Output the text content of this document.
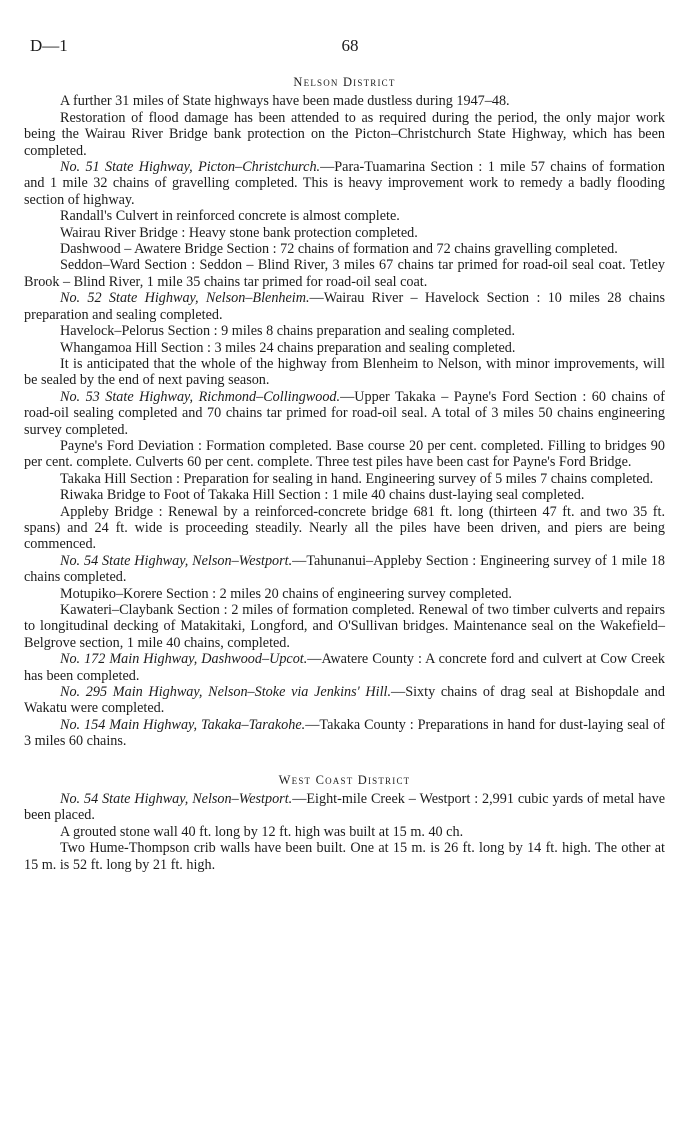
D—1	68
Nelson District

A further 31 miles of State highways have been made dustless during 1947–48.

Restoration of flood damage has been attended to as required during the period, the only major work being the Wairau River Bridge bank protection on the Picton–Christchurch State Highway, which has been completed.

No. 51 State Highway, Picton–Christchurch.—Para-Tuamarina Section : 1 mile 57 chains of formation and 1 mile 32 chains of gravelling completed. This is heavy improvement work to remedy a badly flooding section of highway.

Randall's Culvert in reinforced concrete is almost complete.

Wairau River Bridge : Heavy stone bank protection completed.

Dashwood – Awatere Bridge Section : 72 chains of formation and 72 chains gravelling completed.

Seddon–Ward Section : Seddon – Blind River, 3 miles 67 chains tar primed for road-oil seal coat. Tetley Brook – Blind River, 1 mile 35 chains tar primed for road-oil seal coat.

No. 52 State Highway, Nelson–Blenheim.—Wairau River – Havelock Section : 10 miles 28 chains preparation and sealing completed.

Havelock–Pelorus Section : 9 miles 8 chains preparation and sealing completed.

Whangamoa Hill Section : 3 miles 24 chains preparation and sealing completed.

It is anticipated that the whole of the highway from Blenheim to Nelson, with minor improvements, will be sealed by the end of next paving season.

No. 53 State Highway, Richmond–Collingwood.—Upper Takaka – Payne's Ford Section : 60 chains of road-oil sealing completed and 70 chains tar primed for road-oil seal. A total of 3 miles 50 chains engineering survey completed.

Payne's Ford Deviation : Formation completed. Base course 20 per cent. completed. Filling to bridges 90 per cent. complete. Culverts 60 per cent. complete. Three test piles have been cast for Payne's Ford Bridge.

Takaka Hill Section : Preparation for sealing in hand. Engineering survey of 5 miles 7 chains completed.

Riwaka Bridge to Foot of Takaka Hill Section : 1 mile 40 chains dust-laying seal completed.

Appleby Bridge : Renewal by a reinforced-concrete bridge 681 ft. long (thirteen 47 ft. and two 35 ft. spans) and 24 ft. wide is proceeding steadily. Nearly all the piles have been driven, and piers are being commenced.

No. 54 State Highway, Nelson–Westport.—Tahunanui–Appleby Section : Engineering survey of 1 mile 18 chains completed.

Motupiko–Korere Section : 2 miles 20 chains of engineering survey completed.

Kawateri–Claybank Section : 2 miles of formation completed. Renewal of two timber culverts and repairs to longitudinal decking of Matakitaki, Longford, and O'Sullivan bridges. Maintenance seal on the Wakefield–Belgrove section, 1 mile 40 chains, completed.

No. 172 Main Highway, Dashwood–Upcot.—Awatere County : A concrete ford and culvert at Cow Creek has been completed.

No. 295 Main Highway, Nelson–Stoke via Jenkins' Hill.—Sixty chains of drag seal at Bishopdale and Wakatu were completed.

No. 154 Main Highway, Takaka–Tarakohe.—Takaka County : Preparations in hand for dust-laying seal of 3 miles 60 chains.

West Coast District

No. 54 State Highway, Nelson–Westport.—Eight-mile Creek – Westport : 2,991 cubic yards of metal have been placed.

A grouted stone wall 40 ft. long by 12 ft. high was built at 15 m. 40 ch.

Two Hume-Thompson crib walls have been built. One at 15 m. is 26 ft. long by 14 ft. high. The other at 15 m. is 52 ft. long by 21 ft. high.
